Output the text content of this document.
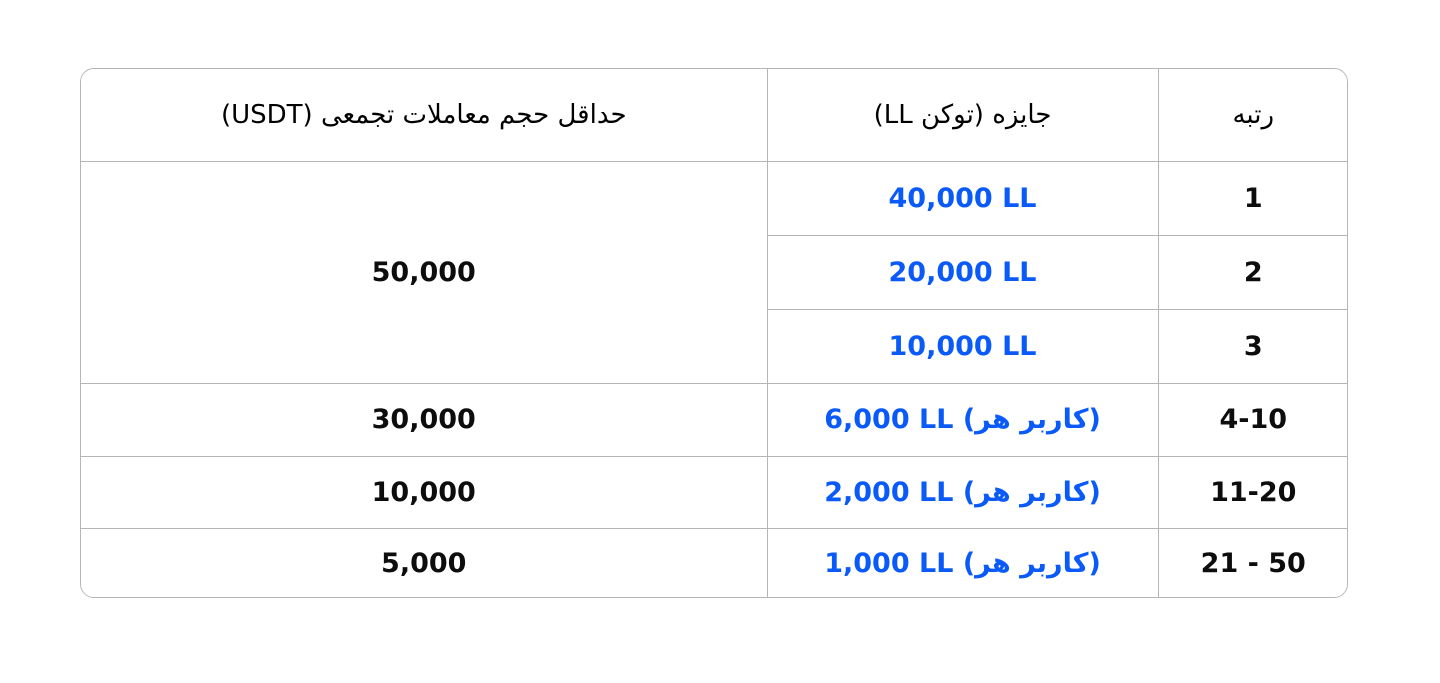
رتبه	جایزه (توکن LL)	حداقل حجم معاملات تجمعی (USDT)
1	40,000 LL	50,000
2	20,000 LL	
3	10,000 LL	
4-10	6,000 LL (هر‎ کاربر)	30,000
11-20	2,000 LL (هر‎ کاربر)	10,000
21 - 50	1,000 LL (هر‎ کاربر)	5,000
